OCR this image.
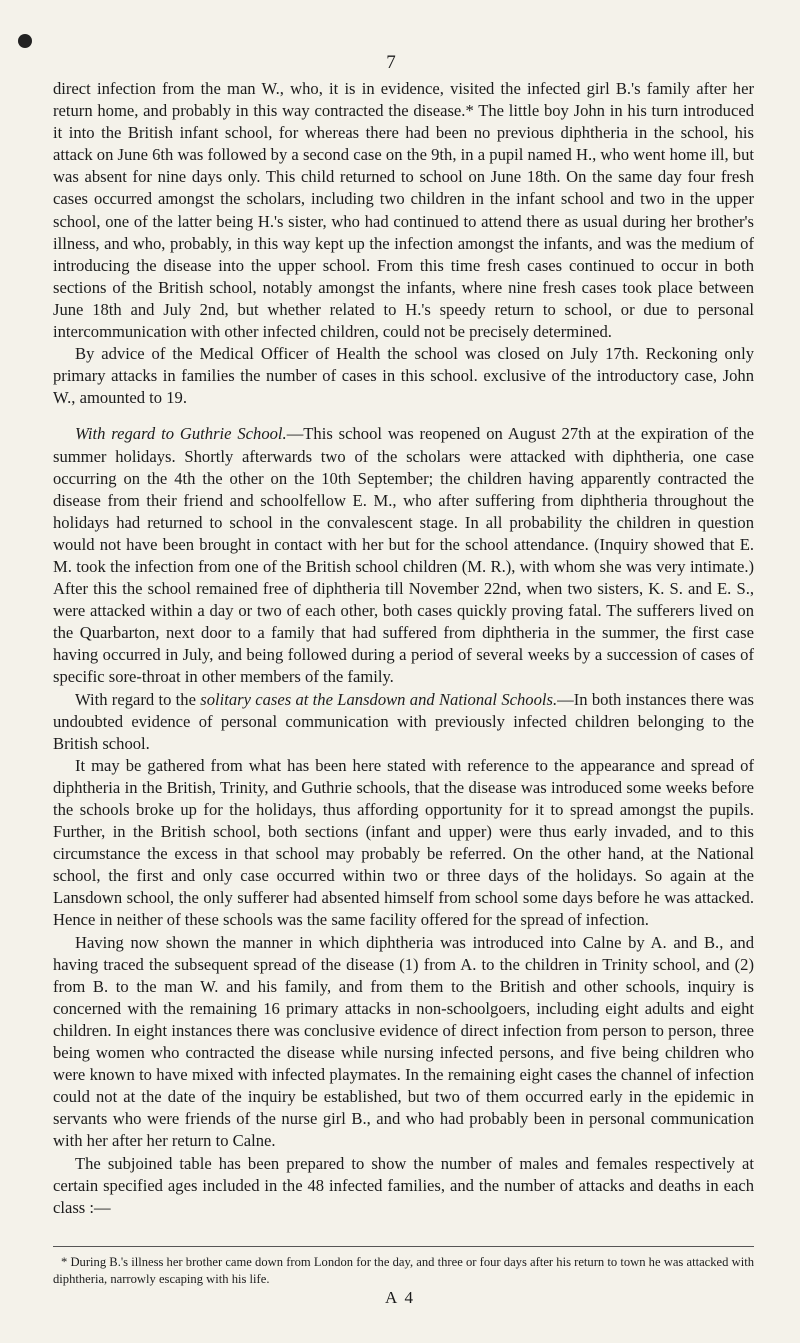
7

direct infection from the man W., who, it is in evidence, visited the infected girl B.'s family after her return home, and probably in this way contracted the disease.* The little boy John in his turn introduced it into the British infant school, for whereas there had been no previous diphtheria in the school, his attack on June 6th was followed by a second case on the 9th, in a pupil named H., who went home ill, but was absent for nine days only. This child returned to school on June 18th. On the same day four fresh cases occurred amongst the scholars, including two children in the infant school and two in the upper school, one of the latter being H.'s sister, who had continued to attend there as usual during her brother's illness, and who, probably, in this way kept up the infection amongst the infants, and was the medium of introducing the disease into the upper school. From this time fresh cases continued to occur in both sections of the British school, notably amongst the infants, where nine fresh cases took place between June 18th and July 2nd, but whether related to H.'s speedy return to school, or due to personal intercommunication with other infected children, could not be precisely determined.

By advice of the Medical Officer of Health the school was closed on July 17th. Reckoning only primary attacks in families the number of cases in this school. exclusive of the introductory case, John W., amounted to 19.

With regard to Guthrie School.—This school was reopened on August 27th at the expiration of the summer holidays. Shortly afterwards two of the scholars were attacked with diphtheria, one case occurring on the 4th the other on the 10th September; the children having apparently contracted the disease from their friend and schoolfellow E. M., who after suffering from diphtheria throughout the holidays had returned to school in the convalescent stage. In all probability the children in question would not have been brought in contact with her but for the school attendance. (Inquiry showed that E. M. took the infection from one of the British school children (M. R.), with whom she was very intimate.) After this the school remained free of diphtheria till November 22nd, when two sisters, K. S. and E. S., were attacked within a day or two of each other, both cases quickly proving fatal. The sufferers lived on the Quarbarton, next door to a family that had suffered from diphtheria in the summer, the first case having occurred in July, and being followed during a period of several weeks by a succession of cases of specific sore-throat in other members of the family.

With regard to the solitary cases at the Lansdown and National Schools.—In both instances there was undoubted evidence of personal communication with previously infected children belonging to the British school.

It may be gathered from what has been here stated with reference to the appearance and spread of diphtheria in the British, Trinity, and Guthrie schools, that the disease was introduced some weeks before the schools broke up for the holidays, thus affording opportunity for it to spread amongst the pupils. Further, in the British school, both sections (infant and upper) were thus early invaded, and to this circumstance the excess in that school may probably be referred. On the other hand, at the National school, the first and only case occurred within two or three days of the holidays. So again at the Lansdown school, the only sufferer had absented himself from school some days before he was attacked. Hence in neither of these schools was the same facility offered for the spread of infection.

Having now shown the manner in which diphtheria was introduced into Calne by A. and B., and having traced the subsequent spread of the disease (1) from A. to the children in Trinity school, and (2) from B. to the man W. and his family, and from them to the British and other schools, inquiry is concerned with the remaining 16 primary attacks in non-schoolgoers, including eight adults and eight children. In eight instances there was conclusive evidence of direct infection from person to person, three being women who contracted the disease while nursing infected persons, and five being children who were known to have mixed with infected playmates. In the remaining eight cases the channel of infection could not at the date of the inquiry be established, but two of them occurred early in the epidemic in servants who were friends of the nurse girl B., and who had probably been in personal communication with her after her return to Calne.

The subjoined table has been prepared to show the number of males and females respectively at certain specified ages included in the 48 infected families, and the number of attacks and deaths in each class :—

* During B.'s illness her brother came down from London for the day, and three or four days after his return to town he was attacked with diphtheria, narrowly escaping with his life.
A 4
